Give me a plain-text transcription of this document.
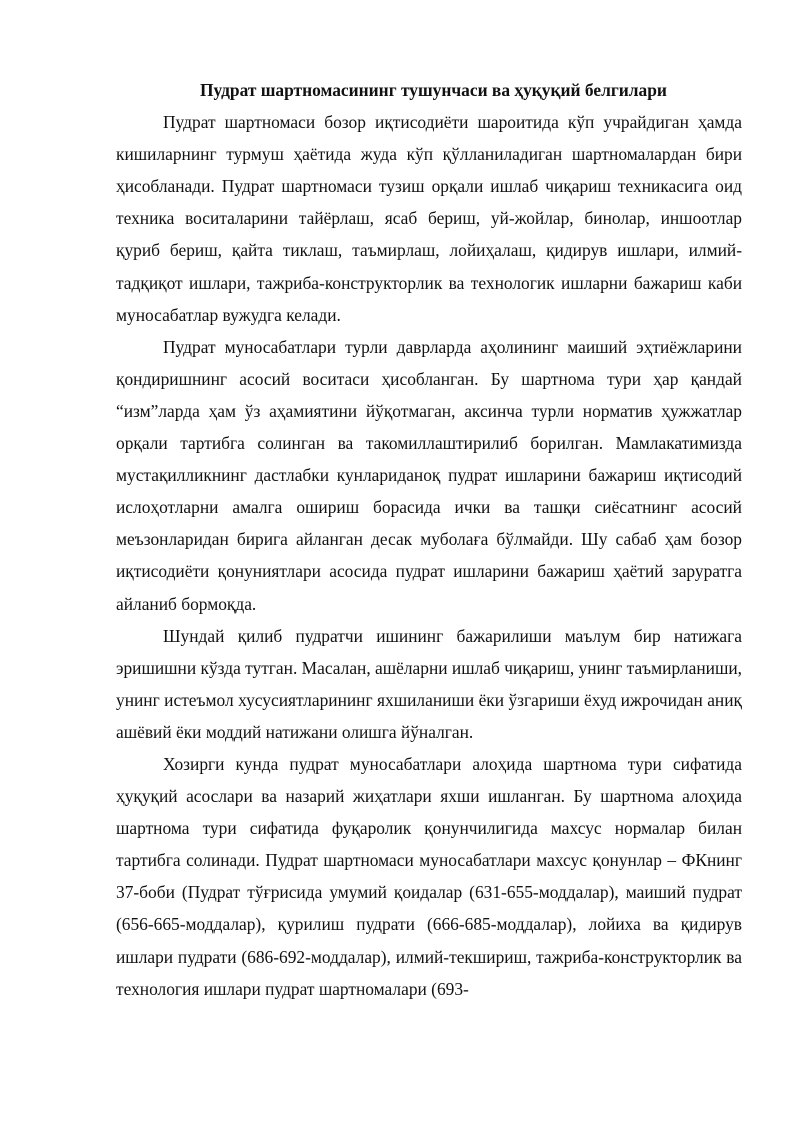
Пудрат шартномасининг тушунчаси ва ҳуқуқий белгилари

Пудрат шартномаси бозор иқтисодиёти шароитида кўп учрайдиган ҳамда кишиларнинг турмуш ҳаётида жуда кўп қўлланиладиган шартномалардан бири ҳисобланади. Пудрат шартномаси тузиш орқали ишлаб чиқариш техникасига оид техника воситаларини тайёрлаш, ясаб бериш, уй-жойлар, бинолар, иншоотлар қуриб бериш, қайта тиклаш, таъмирлаш, лойиҳалаш, қидирув ишлари, илмий-тадқиқот ишлари, тажриба-конструкторлик ва технологик ишларни бажариш каби муносабатлар вужудга келади.

Пудрат муносабатлари турли даврларда аҳолининг маиший эҳтиёжларини қондиришнинг асосий воситаси ҳисобланган. Бу шартнома тури ҳар қандай “изм”ларда ҳам ўз аҳамиятини йўқотмаган, аксинча турли норматив ҳужжатлар орқали тартибга солинган ва такомиллаштирилиб борилган. Мамлакатимизда мустақилликнинг дастлабки кунлариданоқ пудрат ишларини бажариш иқтисодий ислоҳотларни амалга ошириш борасида ички ва ташқи сиёсатнинг асосий меъзонларидан бирига айланган десак муболаға бўлмайди. Шу сабаб ҳам бозор иқтисодиёти қонуниятлари асосида пудрат ишларини бажариш ҳаётий заруратга айланиб бормоқда.

Шундай қилиб пудратчи ишининг бажарилиши маълум бир натижага эришишни кўзда тутган. Масалан, ашёларни ишлаб чиқариш, унинг таъмирланиши, унинг истеъмол хусусиятларининг яхшиланиши ёки ўзгариши ёхуд ижрочидан аниқ ашёвий ёки моддий натижани олишга йўналган.

Хозирги кунда пудрат муносабатлари алоҳида шартнома тури сифатида ҳуқуқий асослари ва назарий жиҳатлари яхши ишланган. Бу шартнома алоҳида шартнома тури сифатида фуқаролик қонунчилигида махсус нормалар билан тартибга солинади. Пудрат шартномаси муносабатлари махсус қонунлар – ФКнинг 37-боби (Пудрат тўғрисида умумий қоидалар (631-655-моддалар), маиший пудрат (656-665-моддалар), қурилиш пудрати (666-685-моддалар), лойиха ва қидирув ишлари пудрати (686-692-моддалар), илмий-текшириш, тажриба-конструкторлик ва технология ишлари пудрат шартномалари (693-
